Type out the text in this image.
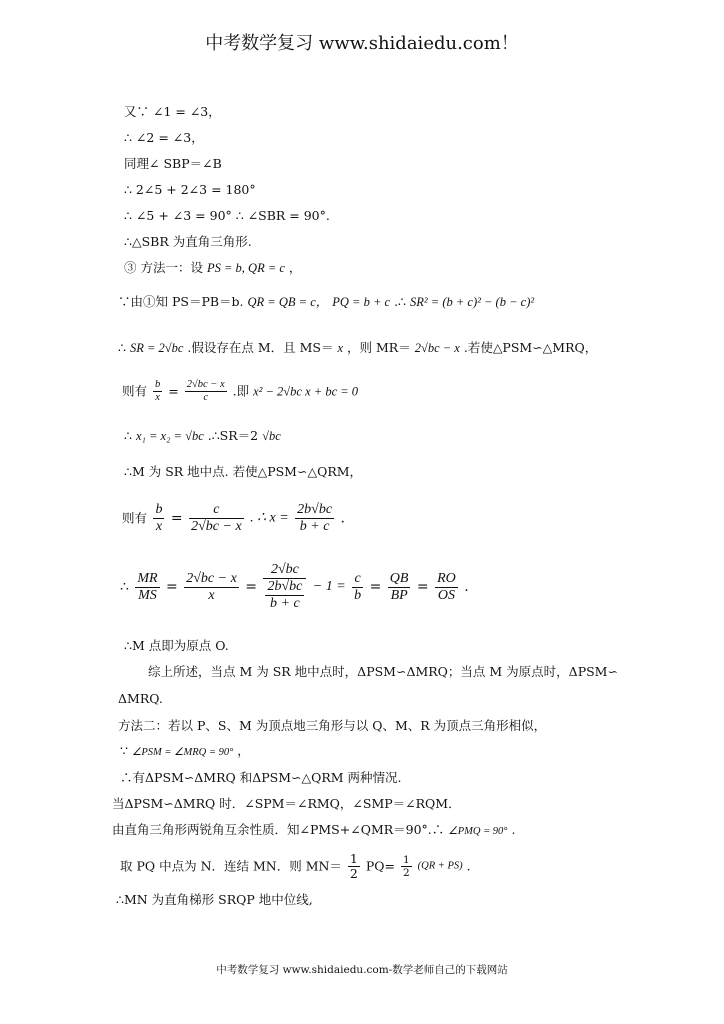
中考数学复习 www.shidaiedu.com！
又∵ ∠1 = ∠3，
∴ ∠2 = ∠3，
同理∠ SBP＝∠B
∴ 2∠5 + 2∠3 = 180°
∴ ∠5 + ∠3 = 90° ∴ ∠SBR = 90°.
∴△SBR 为直角三角形.
③ 方法一：设 PS = b, QR = c ，
∵由①知 PS＝PB＝b. QR = QB = c， PQ = b + c .∴ SR² = (b + c)² − (b − c)²
∴ SR = 2√bc .假设存在点 M．且 MS＝ x ，则 MR＝ 2√bc − x .若使△PSM∽△MRQ，
则有 $\frac{b}{x} = \frac{2√bc - x}{c}$ .即 x² − 2√bc x + bc = 0
∴ x₁ = x₂ = √bc .∴SR＝2 √bc
∴M 为 SR 地中点. 若使△PSM∽△QRM，
则有 $\frac{b}{x} = \frac{c}{2√bc - x}$ . ∴ $x = \frac{2b√bc}{b + c}$ .
∴ $\frac{MR}{MS} = \frac{2√bc - x}{x} = \frac{2√bc}{\frac{2b√bc}{b + c}} - 1 = \frac{c}{b} = \frac{QB}{BP} = \frac{RO}{OS}$ .
∴M 点即为原点 O.
综上所述，当点 M 为 SR 地中点时，ΔPSM∽ΔMRQ；当点 M 为原点时，ΔPSM∽
ΔMRQ.
方法二：若以 P、S、M 为顶点地三角形与以 Q、M、R 为顶点三角形相似，
∵ ∠PSM = ∠MRQ = 90° ，
∴有ΔPSM∽ΔMRQ 和ΔPSM∽△QRM 两种情况.
当ΔPSM∽ΔMRQ 时．∠SPM＝∠RMQ，∠SMP＝∠RQM．
由直角三角形两锐角互余性质．知∠PMS+∠QMR＝90°.∴ ∠PMQ = 90° .
取 PQ 中点为 N．连结 MN．则 $MN= \frac{1}{2} PQ= \frac{1}{2} (QR + PS)$ .
∴MN 为直角梯形 SRQP 地中位线,
中考数学复习 www.shidaiedu.com-数学老师自己的下载网站
